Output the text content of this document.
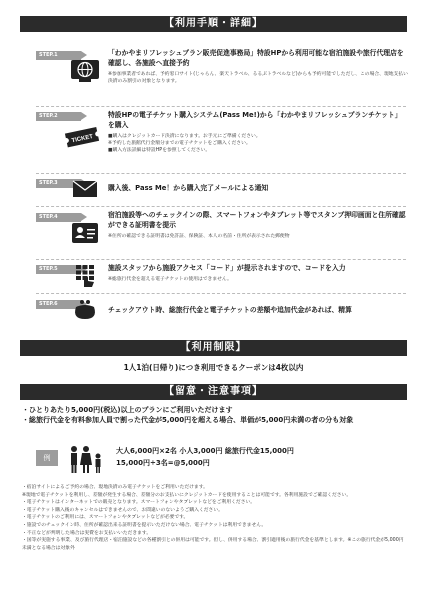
【利用手順・詳細】
STEP.1	「わかやまリフレッシュプラン販売促進事務局」特設HPから利用可能な宿泊施設や旅行代理店を確認し、各施設へ直接予約
※参加事業者であれば、予約窓口サイト(じゃらん、楽天トラベル、るるぶトラベルなど)からも予約可能でしただし、この場合、現地支払い決済のみ割引の対象となります。
STEP.2
TICKET
特設HPの電子チケット購入システム(Pass Me!)から「わかやまリフレッシュプランチケット」を購入
■購入はクレジットカード決済になります。お手元にご準備ください。
※予約した旅館代行金額分までの電子チケットをご購入ください。
■購入方法詳細は特設HPを参照してください。
STEP.3
購入後、Pass Me！から購入完了メールによる通知
STEP.4	宿泊施設等へのチェックインの際、スマートフォンやタブレット等でスタンプ押印画面と住所確認ができる証明書を提示
※住所の確認できる証明書は免許証、保険証、本人の名前・住所が表示された郵便物
STEP.5	施設スタッフから施設アクセス「コード」が提示されますので、コードを入力
※総旅行代金を超える電子チケットの使用はできません。
STEP.6
チェックアウト時、総旅行代金と電子チケットの差額や追加代金があれば、精算
【利用制限】
1人1泊(日帰り)につき利用できるクーポンは4枚以内
【留意・注意事項】
・ひとりあたり5,000円(税込)以上のプランにご利用いただけます
・総旅行代金を有料参加人員で割った代金が5,000円を超える場合、単価が5,000円未満の者の分も対象
例
大人6,000円×2名 小人3,000円 総旅行代金15,000円
15,000円÷3名=@5,000円
・宿泊サイトによるご予約の場合、現地決済のみ電子チケットをご利用いただけます。
※現地で電子チケットを利用し、差額が発生する場合、差額分のお支払いにクレジットカードを使用することは可能です。各利用施設でご確認ください。
・電子チケットはインターネットでの販売となります。スマートフォンやタブレットなどをご利用ください。
・電子チケット購入後のキャンセルはできませんので、お間違いのないようご購入ください。
・電子チケットのご利用には、スマートフォンやタブレットなどが必要です。
・施設でのチェックイン時、住所が確認出来る証明書を提示いただけない場合、電子チケットは利用できません。
・不正などが判明した場合は実費をお支払いいただきます。
・国等が実施する事業、及び旅行代理店・宿泊施設などの各種割引との併用は可能です。但し、併用する場合、割引適用後の旅行代金を基準とします。※この旅行代金が5,000円未満となる場合は対象外
